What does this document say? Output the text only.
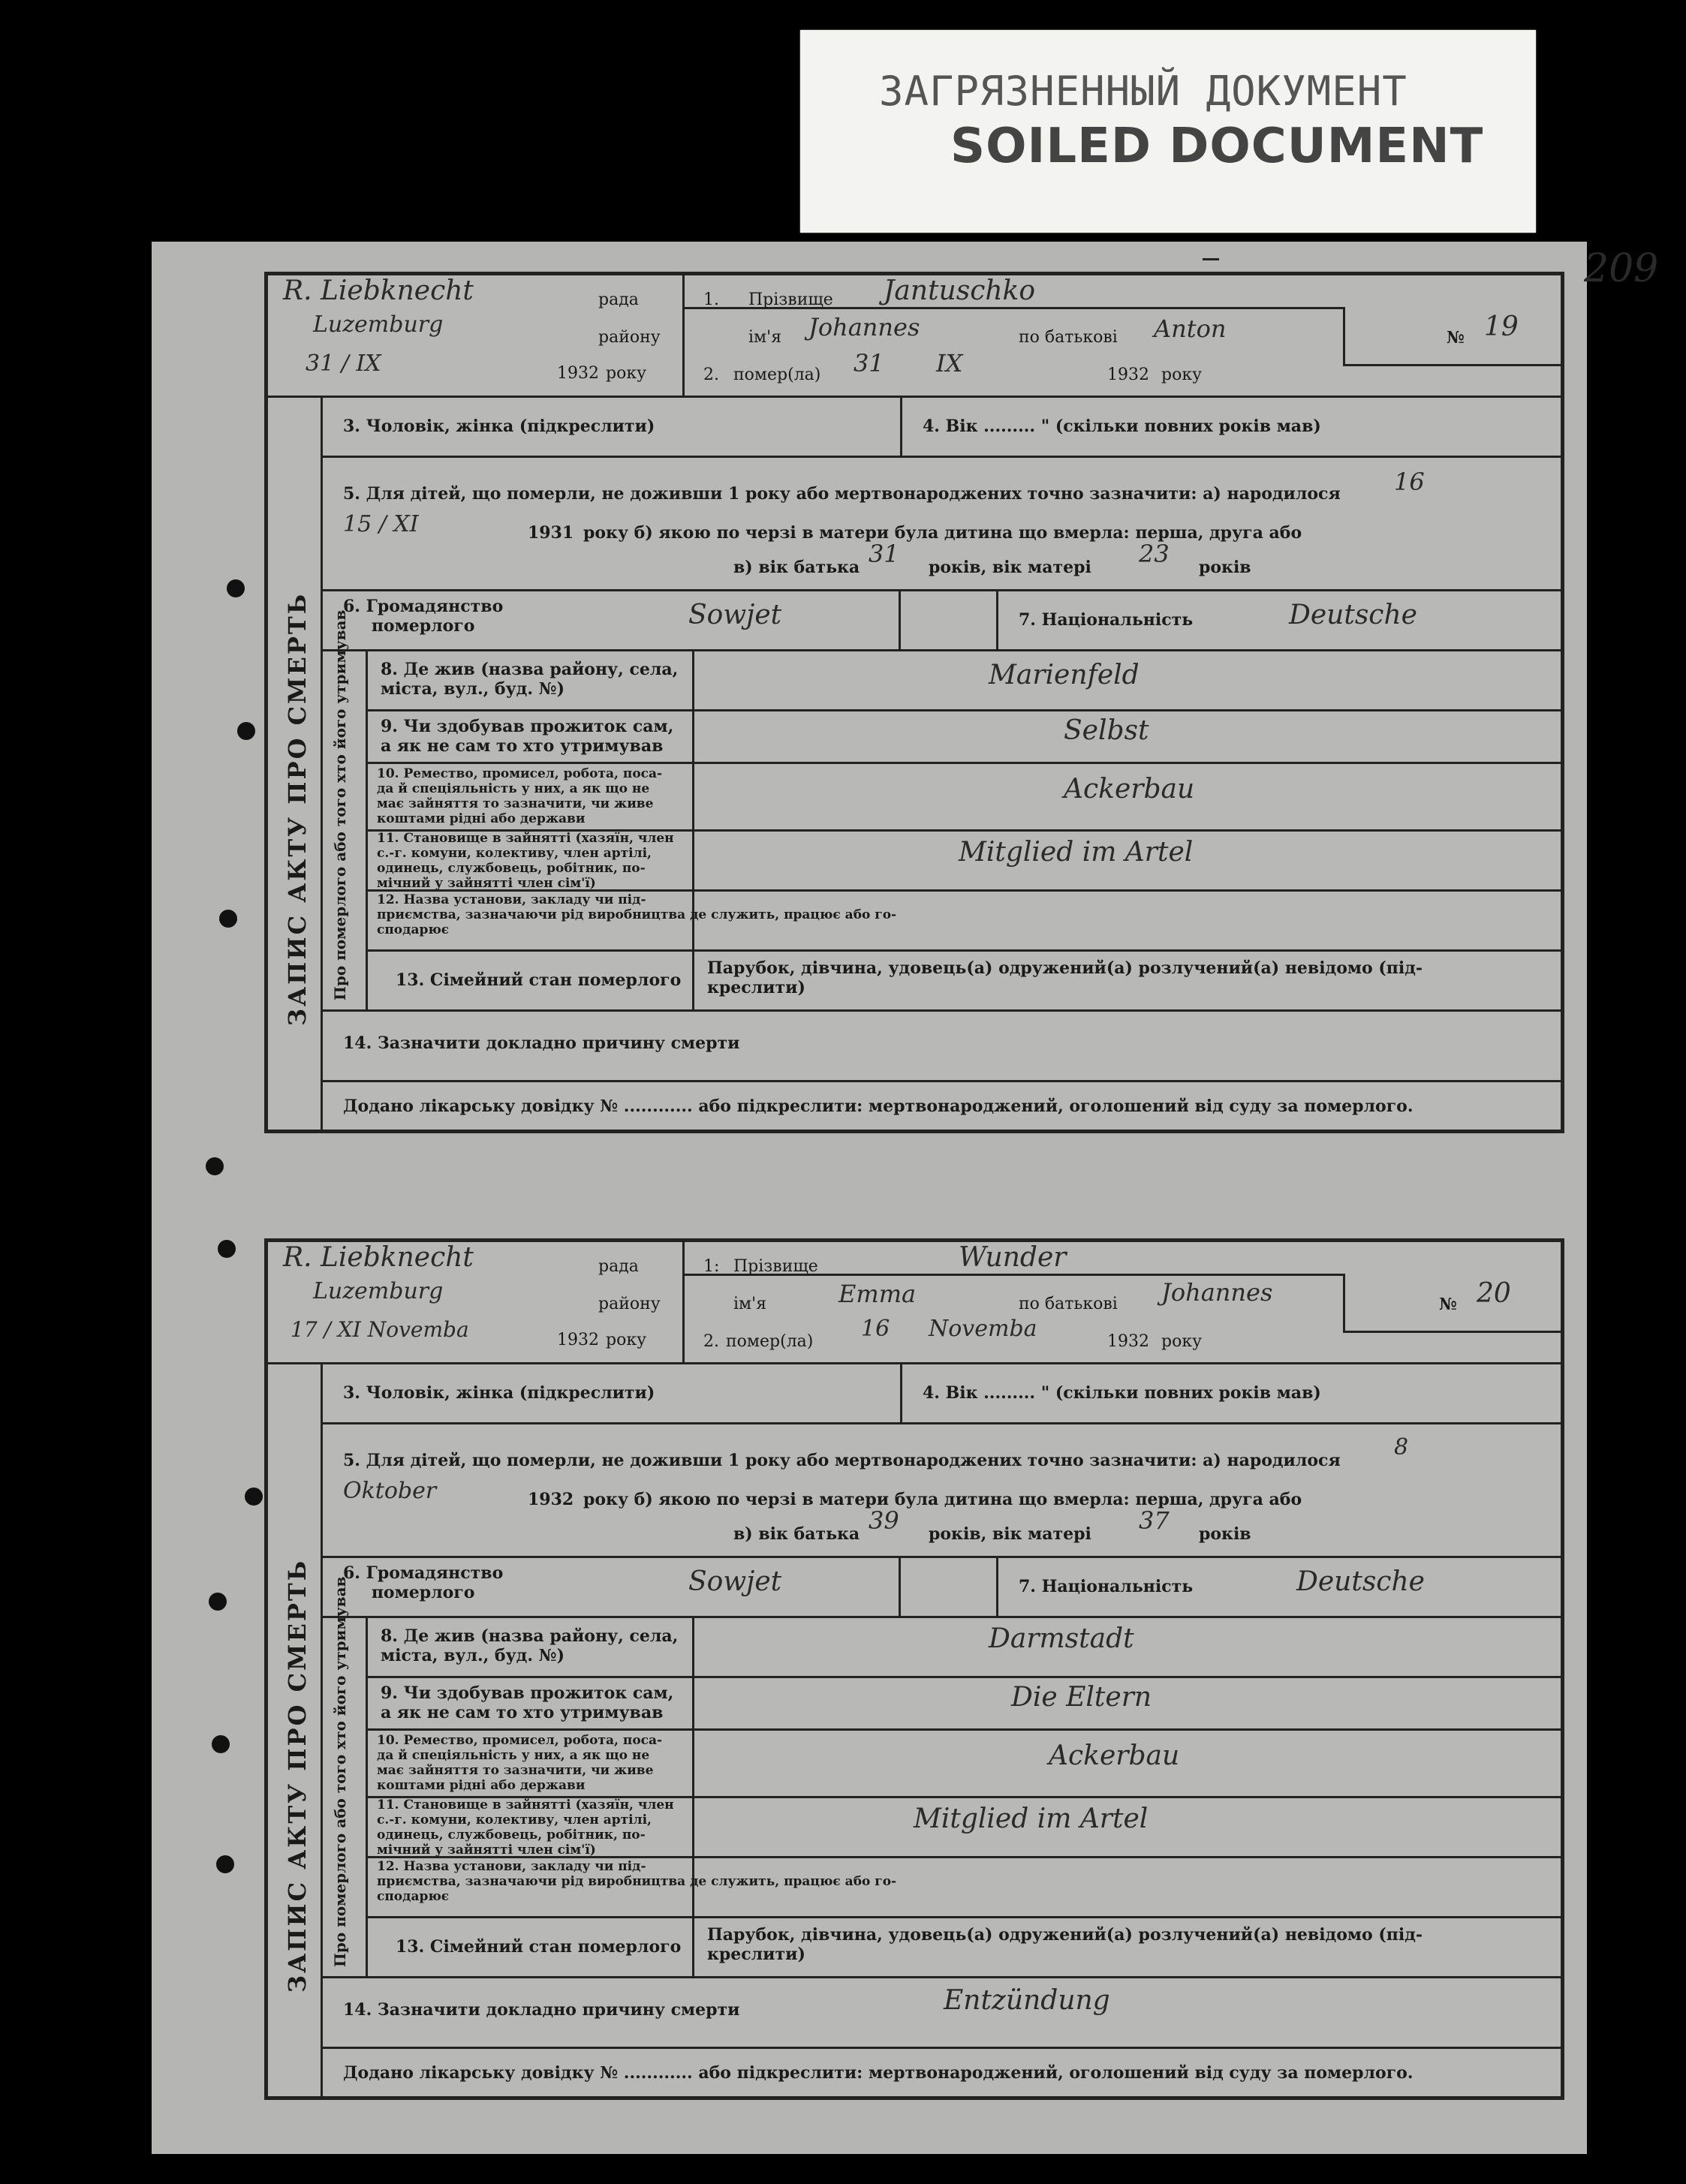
ЗАГРЯЗНЕННЫЙ ДОКУМЕНТ
SOILED DOCUMENT
209
R. Liebknecht	рада
Luzemburg	району
31 / IX	1932 року
1. Прізвище Jantuschko
ім'я Johannes	по батькові Anton
2. помер(ла) 31 IX	1932 року
№ 19
3. Чоловік, жінка (підкреслити)	4. Вік ......... " (скільки повних років мав)
5. Для дітей, що померли, не доживши 1 року або мертвонароджених точно зазначити: а) народилося 16
15 / XI	1931 року б) якою по черзі в матери була дитина що вмерла: перша, друга або
в) вік батька 31 років, вік матері 23 років
6. Громадянство
померлого	Sowjet	7. Національність	Deutsche
8. Де жив (назва району, села,
міста, вул., буд. №)	Marienfeld
9. Чи здобував прожиток сам,
а як не сам то хто утримував	Selbst
10. Ремество, промисел, робота, поса-
да й спеціяльність у них, а як що не
має зайняття то зазначити, чи живе
коштами рідні або держави
Ackerbau
11. Становище в зайнятті (хазяїн, член
с.-г. комуни, колективу, член артілі,
одинець, службовець, робітник, по-
мічний у зайнятті член сім'ї)
Mitglied im Artel
12. Назва установи, закладу чи під-
приємства, зазначаючи рід виробництва де служить, працює або го-
сподарює
13. Сімейний стан померлого
Парубок, дівчина, удовець(а) одружений(а) розлучений(а) невідомо (під-
креслити)
14. Зазначити докладно причину смерти
Додано лікарську довідку № ............ або підкреслити: мертвонароджений, оголошений від суду за померлого.
ЗАПИС АКТУ ПРО СМЕРТЬ Про померлого або того хто його утримував
R. Liebknecht	рада
Luzemburg	району
17 / XI Novemba	1932 року
1: Прізвище	Wunder
ім'я	Emma	по батькові Johannes
2. помер(ла) 16 Novemba	1932 року
№ 20
3. Чоловік, жінка (підкреслити)	4. Вік ......... " (скільки повних років мав)
5. Для дітей, що померли, не доживши 1 року або мертвонароджених точно зазначити: а) народилося 8
Oktober	1932 року б) якою по черзі в матери була дитина що вмерла: перша, друга або
в) вік батька 39 років, вік матері 37 років
6. Громадянство
померлого	Sowjet	7. Національність	Deutsche
8. Де жив (назва району, села,
міста, вул., буд. №)
Darmstadt
9. Чи здобував прожиток сам,
а як не сам то хто утримував	Die Eltern
10. Ремество, промисел, робота, поса-
да й спеціяльність у них, а як що не
має зайняття то зазначити, чи живе
коштами рідні або держави
Ackerbau
11. Становище в зайнятті (хазяїн, член
с.-г. комуни, колективу, член артілі,
одинець, службовець, робітник, по-
мічний у зайнятті член сім'ї)
Mitglied im Artel
12. Назва установи, закладу чи під-
приємства, зазначаючи рід виробництва де служить, працює або го-
сподарює
13. Сімейний стан померлого
Парубок, дівчина, удовець(а) одружений(а) розлучений(а) невідомо (під-
креслити)
14. Зазначити докладно причину смерти	Entzündung
Додано лікарську довідку № ............ або підкреслити: мертвонароджений, оголошений від суду за померлого.
ЗАПИС АКТУ ПРО СМЕРТЬ Про померлого або того хто його утримував
